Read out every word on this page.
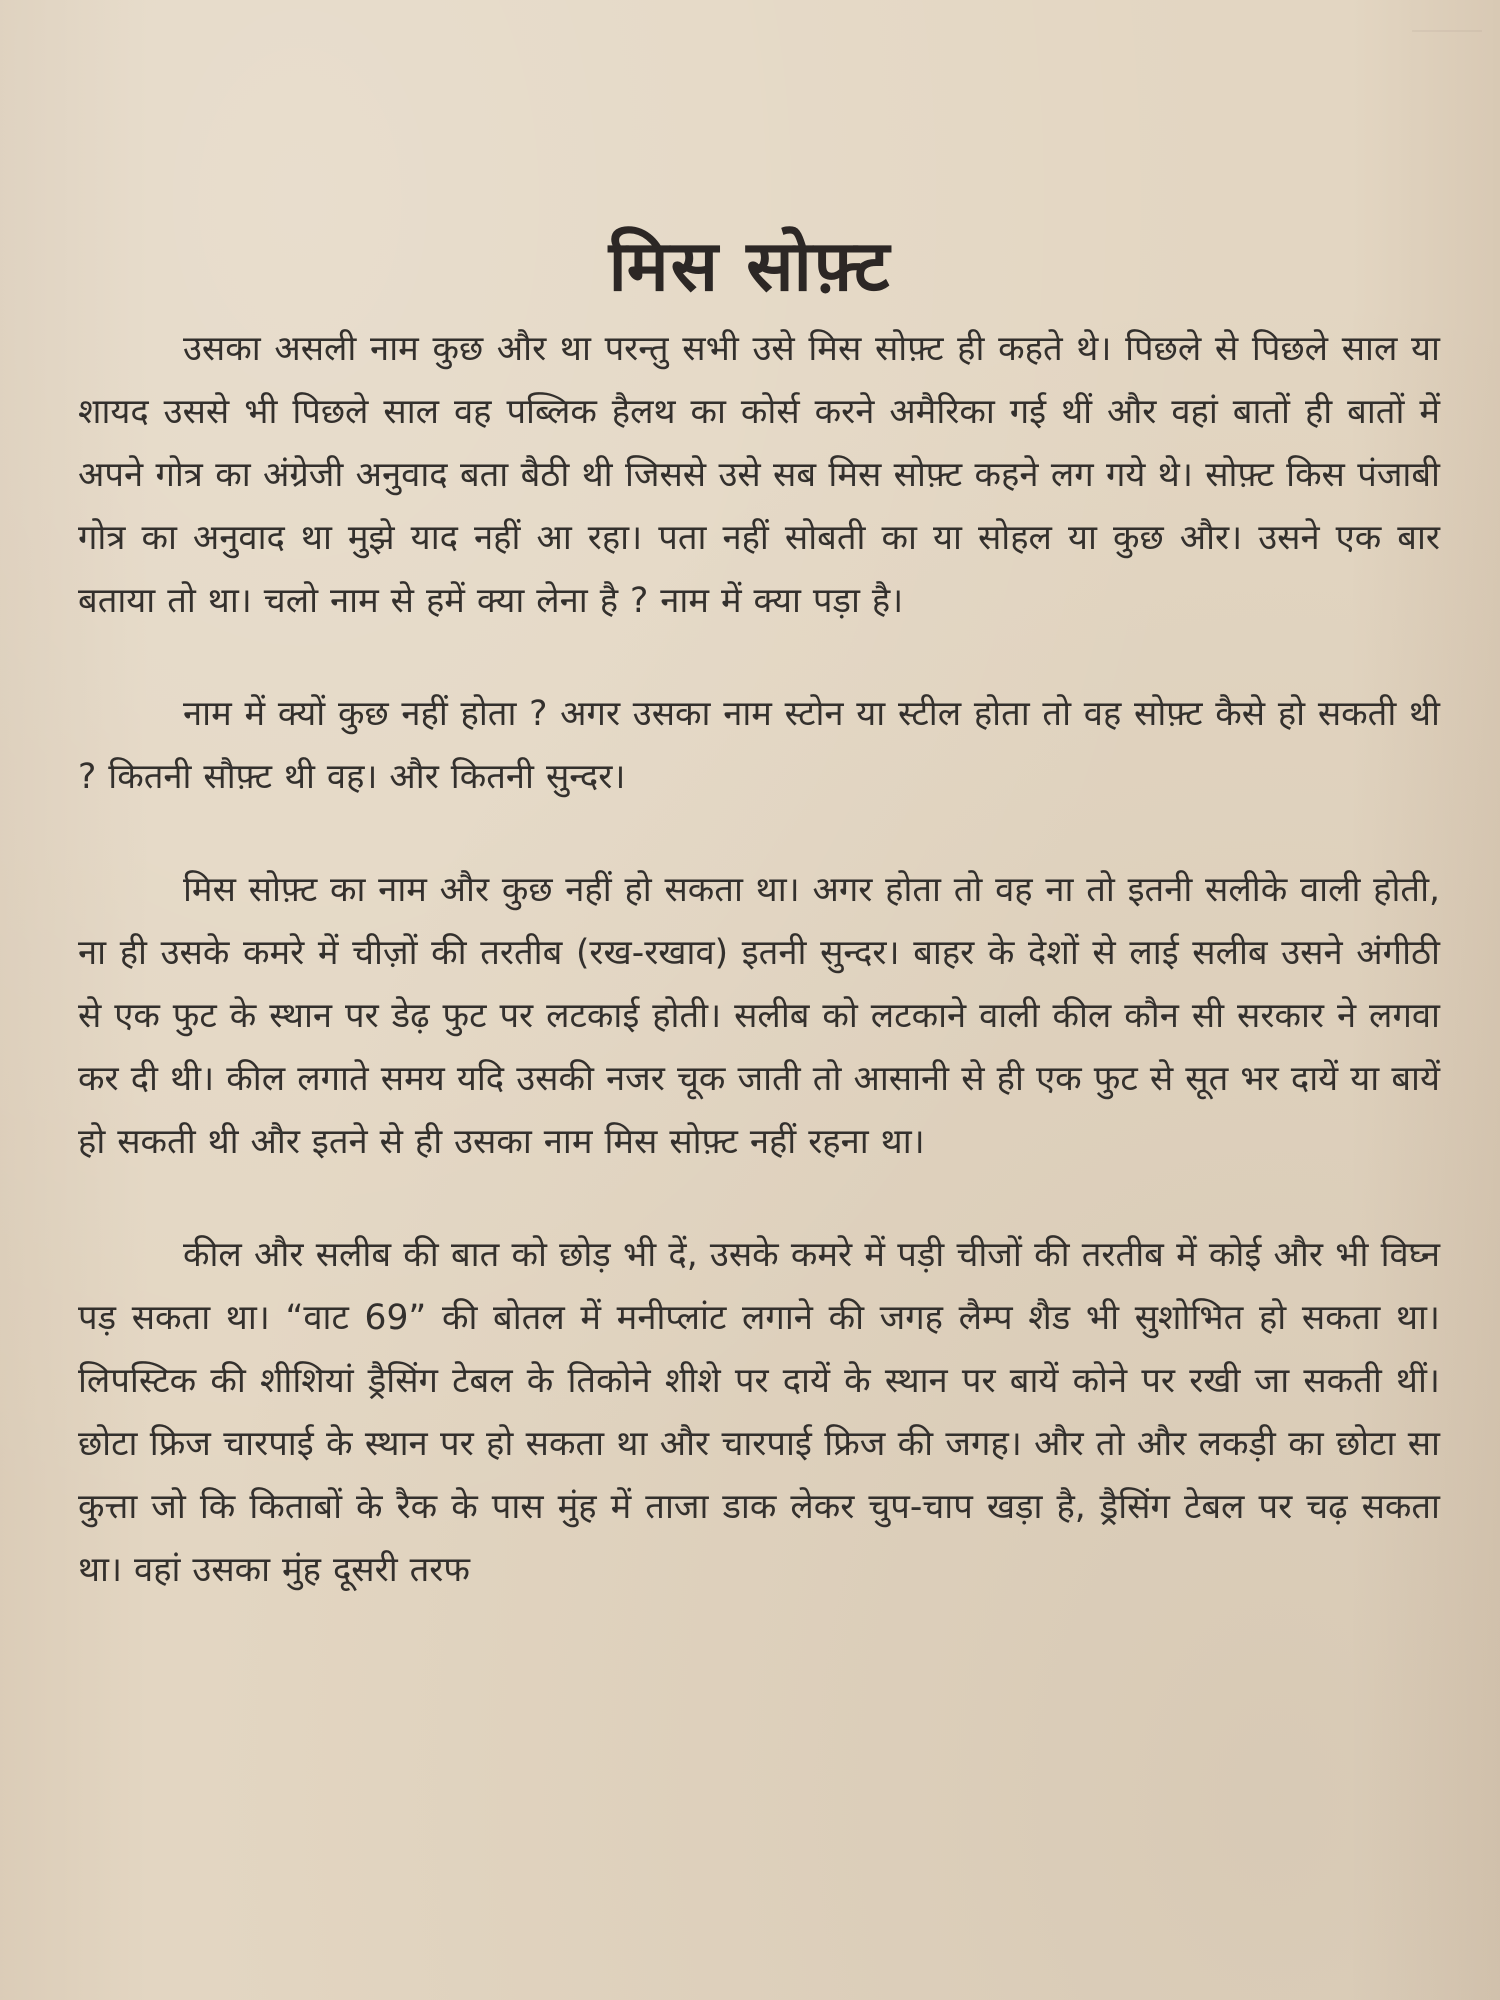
मिस सोफ़्ट

उसका असली नाम कुछ और था परन्तु सभी उसे मिस सोफ़्ट ही कहते थे। पिछले से पिछले साल या शायद उससे भी पिछले साल वह पब्लिक हैलथ का कोर्स करने अमैरिका गई थीं और वहां बातों ही बातों में अपने गोत्र का अंग्रेजी अनुवाद बता बैठी थी जिससे उसे सब मिस सोफ़्ट कहने लग गये थे। सोफ़्ट किस पंजाबी गोत्र का अनुवाद था मुझे याद नहीं आ रहा। पता नहीं सोबती का या सोहल या कुछ और। उसने एक बार बताया तो था। चलो नाम से हमें क्या लेना है ? नाम में क्या पड़ा है।

नाम में क्यों कुछ नहीं होता ? अगर उसका नाम स्टोन या स्टील होता तो वह सोफ़्ट कैसे हो सकती थी ? कितनी सौफ़्ट थी वह। और कितनी सुन्दर।

मिस सोफ़्ट का नाम और कुछ नहीं हो सकता था। अगर होता तो वह ना तो इतनी सलीके वाली होती, ना ही उसके कमरे में चीज़ों की तरतीब (रख-रखाव) इतनी सुन्दर। बाहर के देशों से लाई सलीब उसने अंगीठी से एक फुट के स्थान पर डेढ़ फुट पर लटकाई होती। सलीब को लटकाने वाली कील कौन सी सरकार ने लगवा कर दी थी। कील लगाते समय यदि उसकी नजर चूक जाती तो आसानी से ही एक फुट से सूत भर दायें या बायें हो सकती थी और इतने से ही उसका नाम मिस सोफ़्ट नहीं रहना था।

कील और सलीब की बात को छोड़ भी दें, उसके कमरे में पड़ी चीजों की तरतीब में कोई और भी विघ्न पड़ सकता था। “वाट 69” की बोतल में मनीप्लांट लगाने की जगह लैम्प शैड भी सुशोभित हो सकता था। लिपस्टिक की शीशियां ड्रैसिंग टेबल के तिकोने शीशे पर दायें के स्थान पर बायें कोने पर रखी जा सकती थीं। छोटा फ्रिज चारपाई के स्थान पर हो सकता था और चारपाई फ्रिज की जगह। और तो और लकड़ी का छोटा सा कुत्ता जो कि किताबों के रैक के पास मुंह में ताजा डाक लेकर चुप-चाप खड़ा है, ड्रैसिंग टेबल पर चढ़ सकता था। वहां उसका मुंह दूसरी तरफ
